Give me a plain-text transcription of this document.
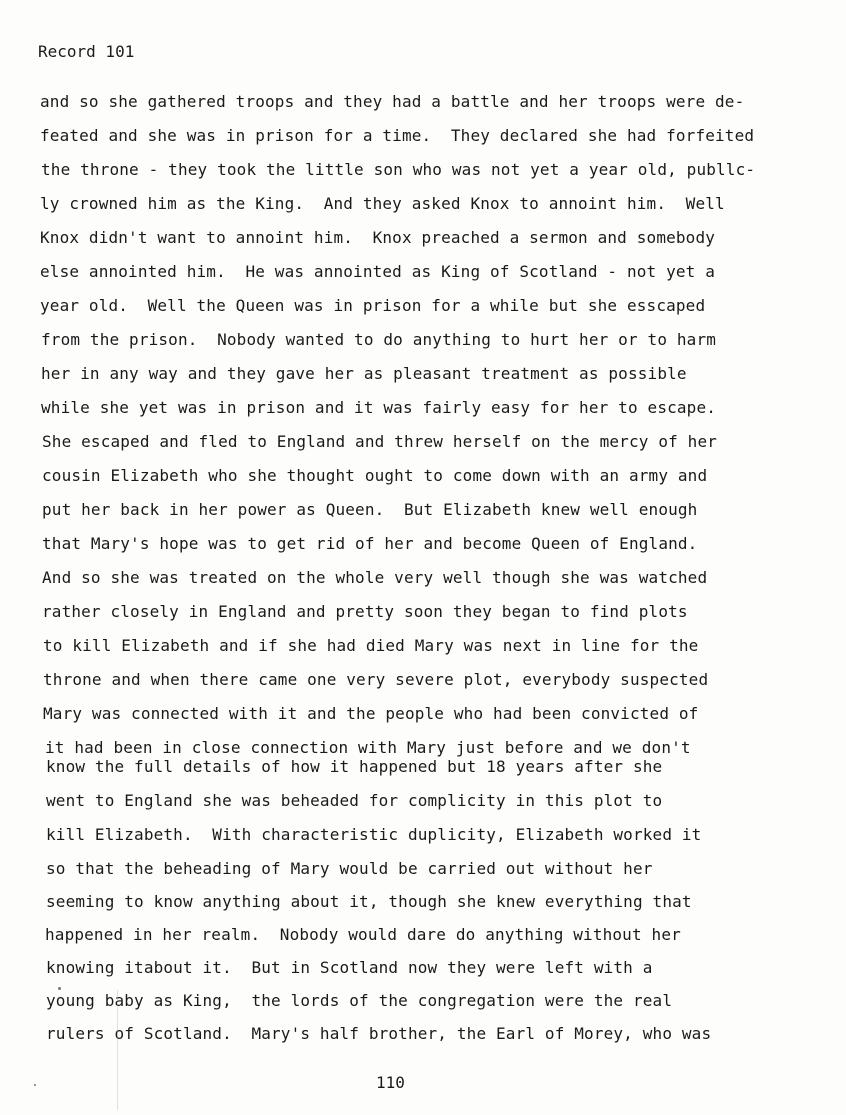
Record 101
and so she gathered troops and they had a battle and her troops were de-
feated and she was in prison for a time.  They declared she had forfeited
the throne - they took the little son who was not yet a year old, publlc-
ly crowned him as the King.  And they asked Knox to annoint him.  Well
Knox didn't want to annoint him.  Knox preached a sermon and somebody
else annointed him.  He was annointed as King of Scotland - not yet a
year old.  Well the Queen was in prison for a while but she esscaped
from the prison.  Nobody wanted to do anything to hurt her or to harm
her in any way and they gave her as pleasant treatment as possible
while she yet was in prison and it was fairly easy for her to escape.
She escaped and fled to England and threw herself on the mercy of her
cousin Elizabeth who she thought ought to come down with an army and
put her back in her power as Queen.  But Elizabeth knew well enough
that Mary's hope was to get rid of her and become Queen of England.
And so she was treated on the whole very well though she was watched
rather closely in England and pretty soon they began to find plots
to kill Elizabeth and if she had died Mary was next in line for the
throne and when there came one very severe plot, everybody suspected
Mary was connected with it and the people who had been convicted of
it had been in close connection with Mary just before and we don't
know the full details of how it happened but 18 years after she
went to England she was beheaded for complicity in this plot to
kill Elizabeth.  With characteristic duplicity, Elizabeth worked it
so that the beheading of Mary would be carried out without her
seeming to know anything about it, though she knew everything that
happened in her realm.  Nobody would dare do anything without her
knowing itabout it.  But in Scotland now they were left with a
young baby as King,  the lords of the congregation were the real
rulers of Scotland.  Mary's half brother, the Earl of Morey, who was
110
